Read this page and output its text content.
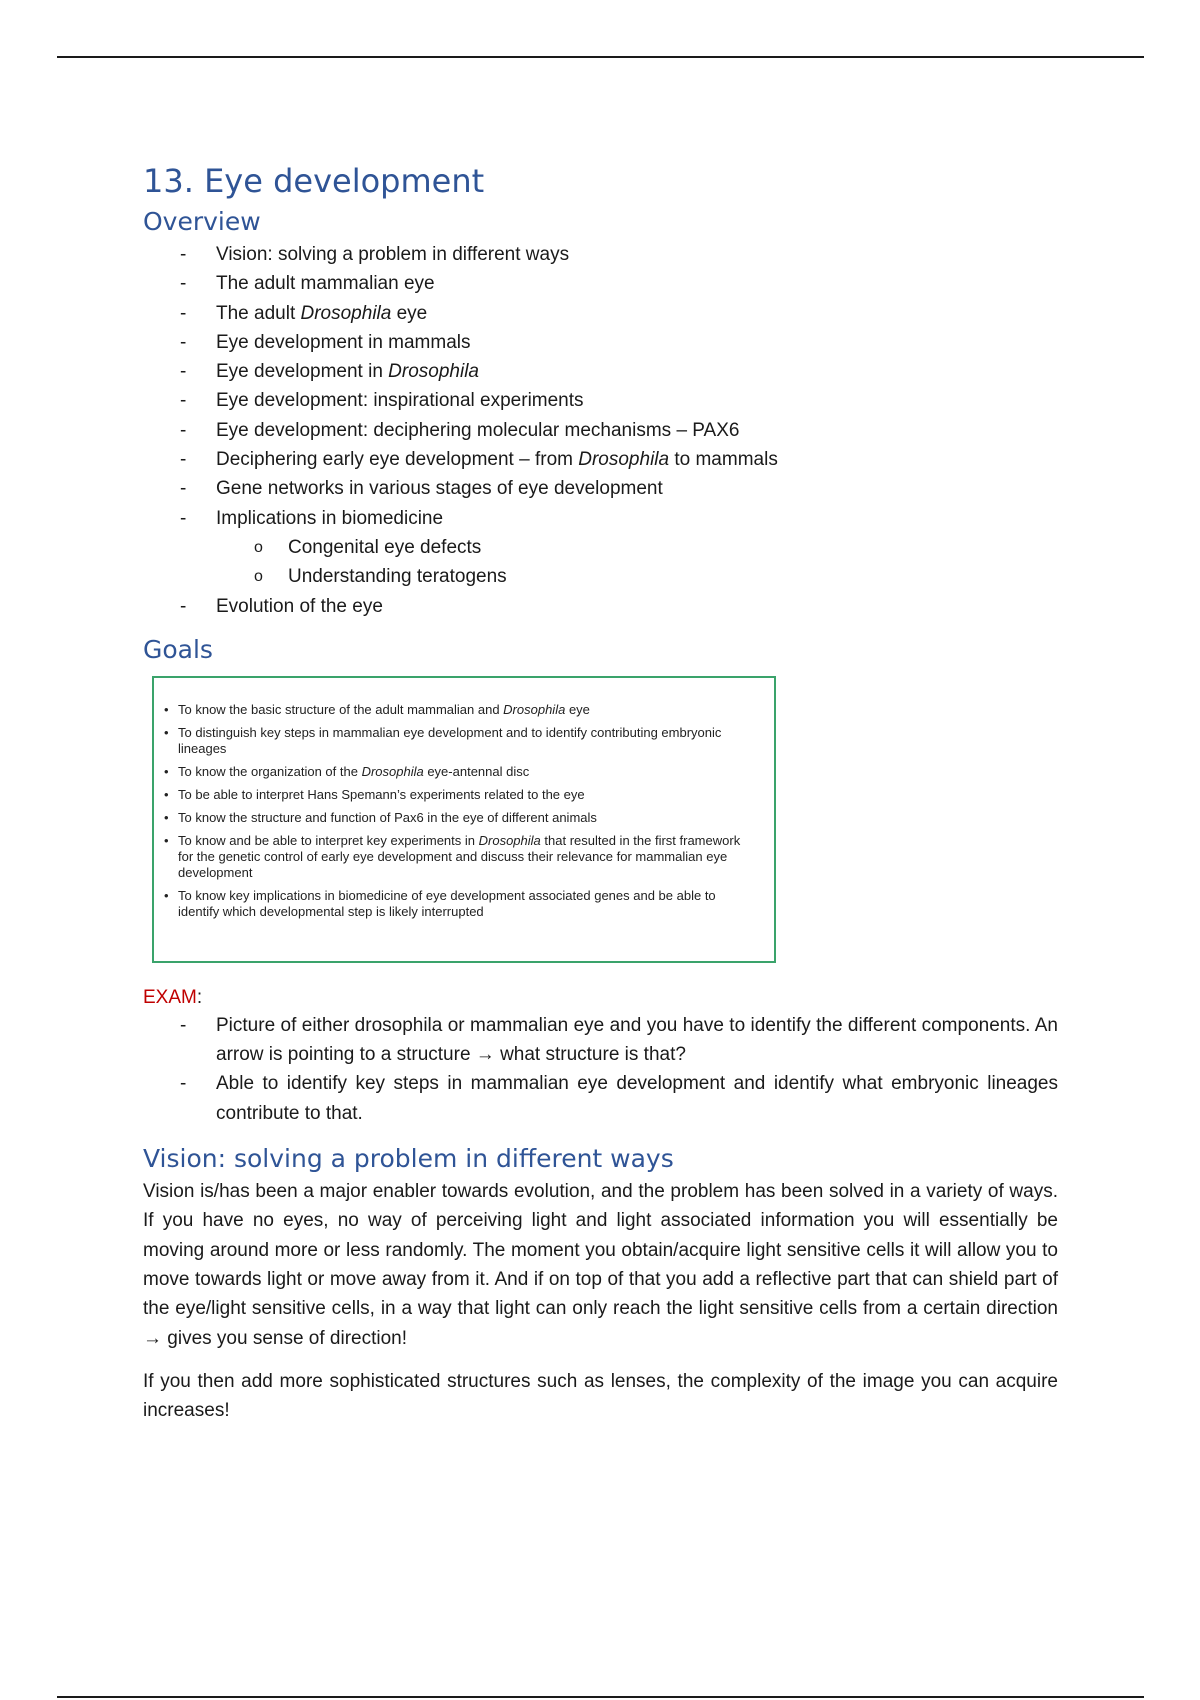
13. Eye development
Overview
- Vision: solving a problem in different ways
- The adult mammalian eye
- The adult Drosophila eye
- Eye development in mammals
- Eye development in Drosophila
- Eye development: inspirational experiments
- Eye development: deciphering molecular mechanisms – PAX6
- Deciphering early eye development – from Drosophila to mammals
- Gene networks in various stages of eye development
- Implications in biomedicine
o Congenital eye defects
o Understanding teratogens
- Evolution of the eye
Goals
• To know the basic structure of the adult mammalian and Drosophila eye
• To distinguish key steps in mammalian eye development and to identify contributing embryonic lineages
• To know the organization of the Drosophila eye-antennal disc
• To be able to interpret Hans Spemann’s experiments related to the eye
• To know the structure and function of Pax6 in the eye of different animals
• To know and be able to interpret key experiments in Drosophila that resulted in the first framework for the genetic control of early eye development and discuss their relevance for mammalian eye development
• To know key implications in biomedicine of eye development associated genes and be able to identify which developmental step is likely interrupted
EXAM:
- Picture of either drosophila or mammalian eye and you have to identify the different components. An arrow is pointing to a structure → what structure is that?
- Able to identify key steps in mammalian eye development and identify what embryonic lineages contribute to that.
Vision: solving a problem in different ways

Vision is/has been a major enabler towards evolution, and the problem has been solved in a variety of ways. If you have no eyes, no way of perceiving light and light associated information you will essentially be moving around more or less randomly. The moment you obtain/acquire light sensitive cells it will allow you to move towards light or move away from it. And if on top of that you add a reflective part that can shield part of the eye/light sensitive cells, in a way that light can only reach the light sensitive cells from a certain direction → gives you sense of direction!

If you then add more sophisticated structures such as lenses, the complexity of the image you can acquire increases!
